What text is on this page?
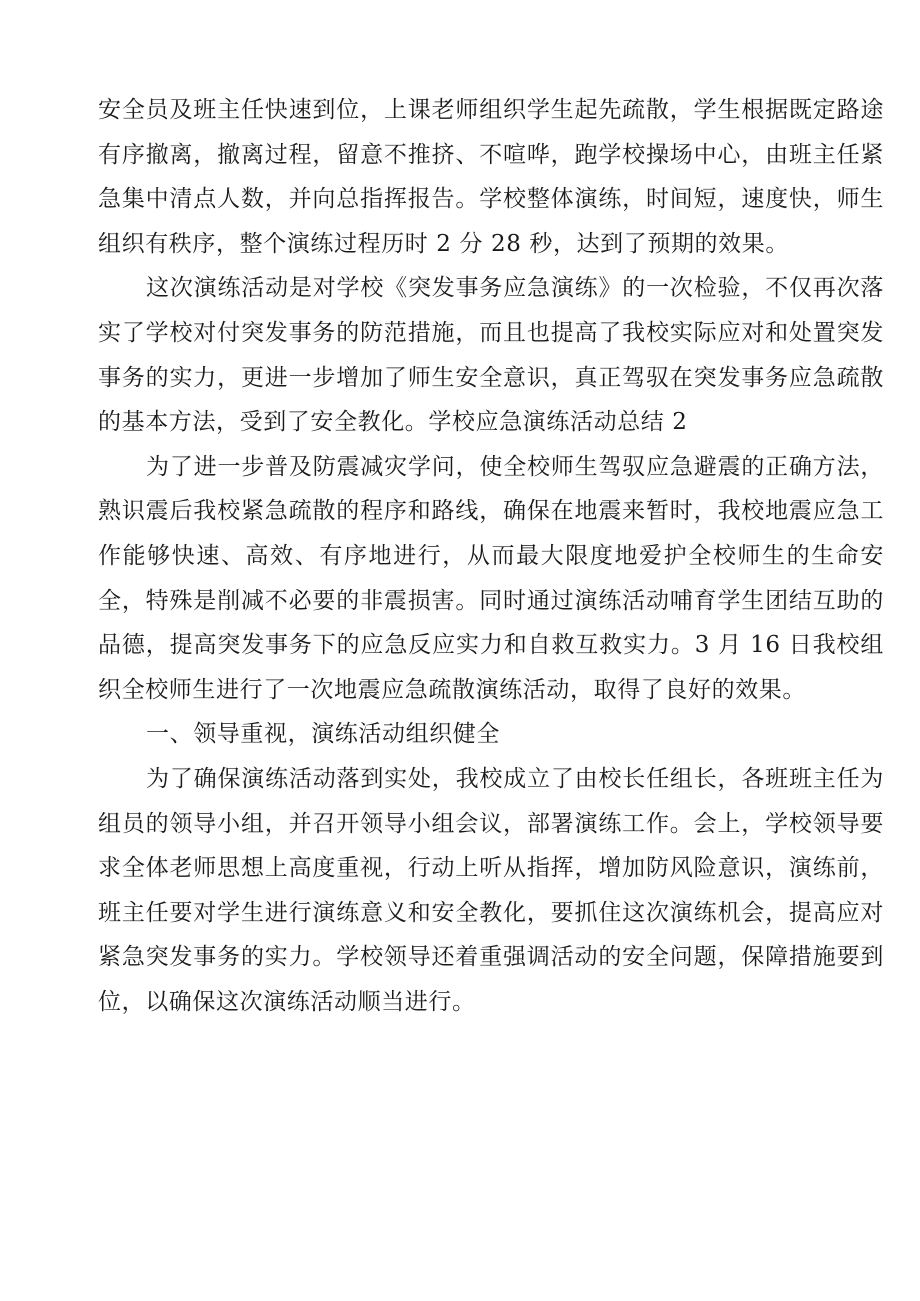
安全员及班主任快速到位，上课老师组织学生起先疏散，学生根据既定路途有序撤离，撤离过程，留意不推挤、不喧哗，跑学校操场中心，由班主任紧急集中清点人数，并向总指挥报告。学校整体演练，时间短，速度快，师生组织有秩序，整个演练过程历时 2 分 28 秒，达到了预期的效果。

这次演练活动是对学校《突发事务应急演练》的一次检验，不仅再次落实了学校对付突发事务的防范措施，而且也提高了我校实际应对和处置突发事务的实力，更进一步增加了师生安全意识，真正驾驭在突发事务应急疏散的基本方法，受到了安全教化。学校应急演练活动总结 2

为了进一步普及防震减灾学问，使全校师生驾驭应急避震的正确方法，熟识震后我校紧急疏散的程序和路线，确保在地震来暂时，我校地震应急工作能够快速、高效、有序地进行，从而最大限度地爱护全校师生的生命安全，特殊是削减不必要的非震损害。同时通过演练活动哺育学生团结互助的品德，提高突发事务下的应急反应实力和自救互救实力。3 月 16 日我校组织全校师生进行了一次地震应急疏散演练活动，取得了良好的效果。

一、领导重视，演练活动组织健全

为了确保演练活动落到实处，我校成立了由校长任组长，各班班主任为组员的领导小组，并召开领导小组会议，部署演练工作。会上，学校领导要求全体老师思想上高度重视，行动上听从指挥，增加防风险意识，演练前，班主任要对学生进行演练意义和安全教化，要抓住这次演练机会，提高应对紧急突发事务的实力。学校领导还着重强调活动的安全问题，保障措施要到位，以确保这次演练活动顺当进行。
